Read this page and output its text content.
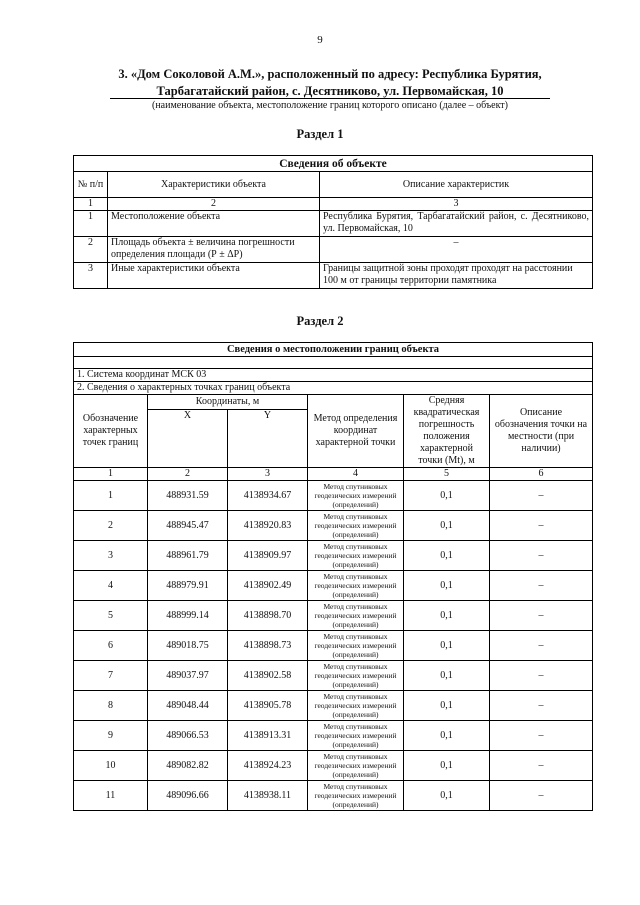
9
3. «Дом Соколовой А.М.», расположенный по адресу: Республика Бурятия,
Тарбагатайский район, с. Десятниково, ул. Первомайская, 10
(наименование объекта, местоположение границ которого описано (далее – объект)
Раздел 1
Сведения об объекте		
№ п/п	Характеристики объекта	Описание характеристик
1	2	3
1	Местоположение объекта	Республика Бурятия, Тарбагатайский район, с. Десятниково, ул. Первомайская, 10
2	Площадь объекта ± величина погрешности определения площади (Р ± ΔР)	–
3	Иные характеристики объекта	Границы защитной зоны проходят проходят на расстоянии 100 м от границы территории памятника
Раздел 2
Сведения о местоположении границ объекта					

1. Система координат МСК 03					
2. Сведения о характерных точках границ объекта					
Обозначение характерных точек границ	Координаты, м		Метод определения координат характерной точки	Средняя квадратическая погрешность положения характерной точки (Mt), м	Описание обозначения точки на местности (при наличии)
	X	Y			
1	2	3	4	5	6
1	488931.59	4138934.67	Метод спутниковых геодезических измерений (определений)	0,1	–
2	488945.47	4138920.83	Метод спутниковых геодезических измерений (определений)	0,1	–
3	488961.79	4138909.97	Метод спутниковых геодезических измерений (определений)	0,1	–
4	488979.91	4138902.49	Метод спутниковых геодезических измерений (определений)	0,1	–
5	488999.14	4138898.70	Метод спутниковых геодезических измерений (определений)	0,1	–
6	489018.75	4138898.73	Метод спутниковых геодезических измерений (определений)	0,1	–
7	489037.97	4138902.58	Метод спутниковых геодезических измерений (определений)	0,1	–
8	489048.44	4138905.78	Метод спутниковых геодезических измерений (определений)	0,1	–
9	489066.53	4138913.31	Метод спутниковых геодезических измерений (определений)	0,1	–
10	489082.82	4138924.23	Метод спутниковых геодезических измерений (определений)	0,1	–
11	489096.66	4138938.11	Метод спутниковых геодезических измерений (определений)	0,1	–
